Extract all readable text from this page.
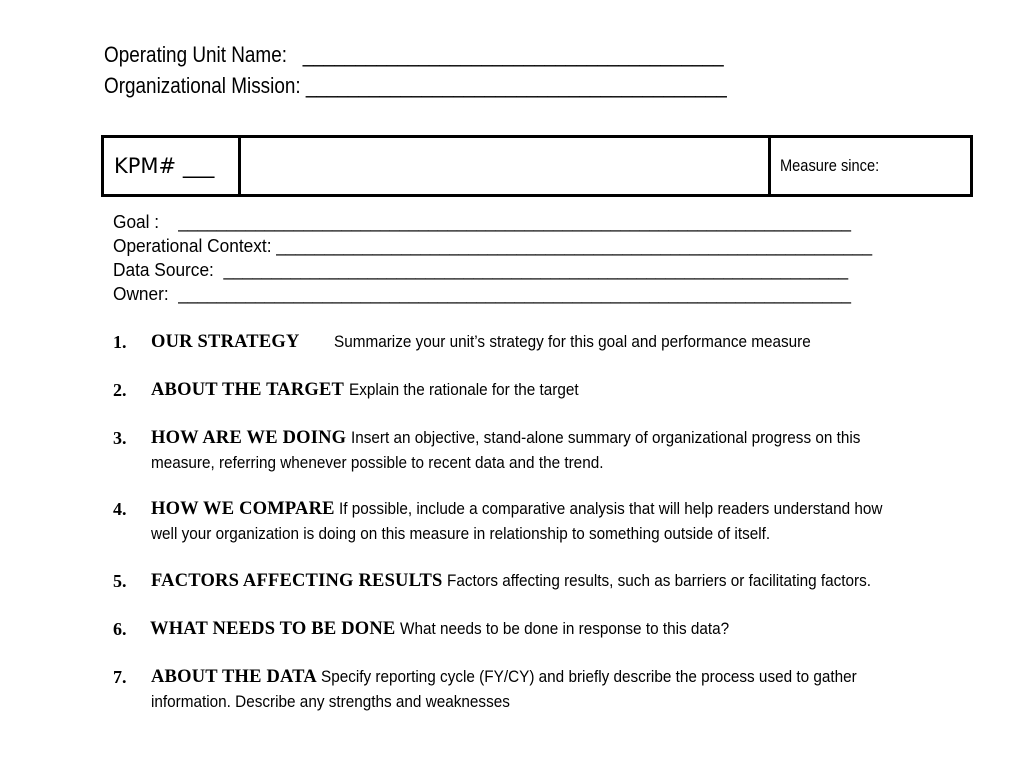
Operating Unit Name:   ________________________________________
Organizational Mission: ________________________________________
KPM# ___	Measure since:
Goal :    ______________________________________________________________________
Operational Context: ______________________________________________________________
Data Source:  _________________________________________________________________
Owner:  ______________________________________________________________________
1. OUR STRATEGY Summarize your unit’s strategy for this goal and performance measure
2. ABOUT THE TARGET Explain the rationale for the target
3. HOW ARE WE DOING Insert an objective, stand-alone summary of organizational progress on this
measure, referring whenever possible to recent data and the trend.
4. HOW WE COMPARE If possible, include a comparative analysis that will help readers understand how
well your organization is doing on this measure in relationship to something outside of itself.
5. FACTORS AFFECTING RESULTS Factors affecting results, such as barriers or facilitating factors.
6. WHAT NEEDS TO BE DONE What needs to be done in response to this data?
7. ABOUT THE DATA Specify reporting cycle (FY/CY) and briefly describe the process used to gather
information. Describe any strengths and weaknesses
